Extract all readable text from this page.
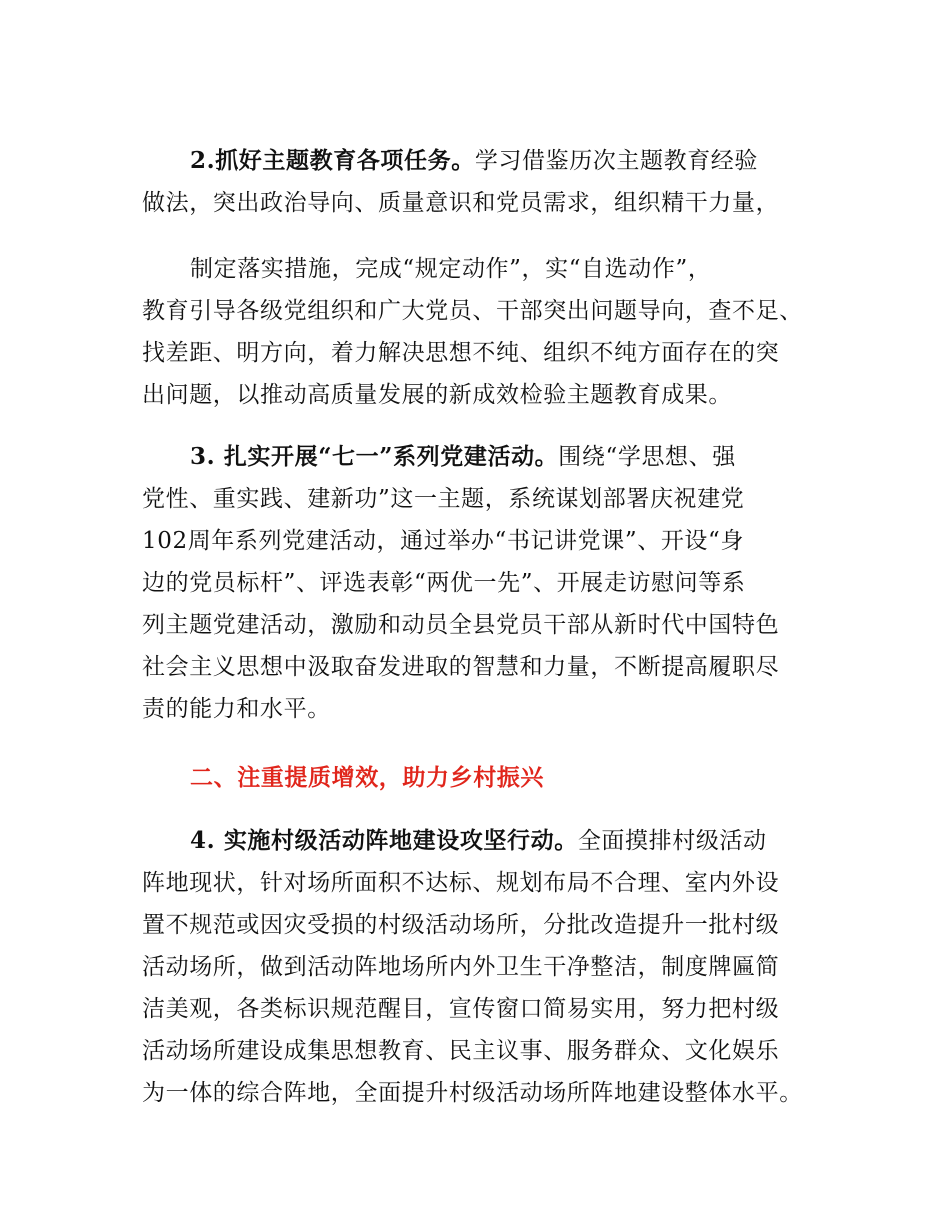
2.抓好主题教育各项任务。学习借鉴历次主题教育经验
做法，突出政治导向、质量意识和党员需求，组织精干力量，
制定落实措施，完成“规定动作”，实“自选动作”，
教育引导各级党组织和广大党员、干部突出问题导向，查不足、
找差距、明方向，着力解决思想不纯、组织不纯方面存在的突
出问题，以推动高质量发展的新成效检验主题教育成果。
3. 扎实开展“七一”系列党建活动。围绕“学思想、强
党性、重实践、建新功”这一主题，系统谋划部署庆祝建党
102周年系列党建活动，通过举办“书记讲党课”、开设“身
边的党员标杆”、评选表彰“两优一先”、开展走访慰问等系
列主题党建活动，激励和动员全县党员干部从新时代中国特色
社会主义思想中汲取奋发进取的智慧和力量，不断提高履职尽
责的能力和水平。
二、注重提质增效，助力乡村振兴
4. 实施村级活动阵地建设攻坚行动。全面摸排村级活动
阵地现状，针对场所面积不达标、规划布局不合理、室内外设
置不规范或因灾受损的村级活动场所，分批改造提升一批村级
活动场所，做到活动阵地场所内外卫生干净整洁，制度牌匾简
洁美观，各类标识规范醒目，宣传窗口简易实用，努力把村级
活动场所建设成集思想教育、民主议事、服务群众、文化娱乐
为一体的综合阵地，全面提升村级活动场所阵地建设整体水平。
